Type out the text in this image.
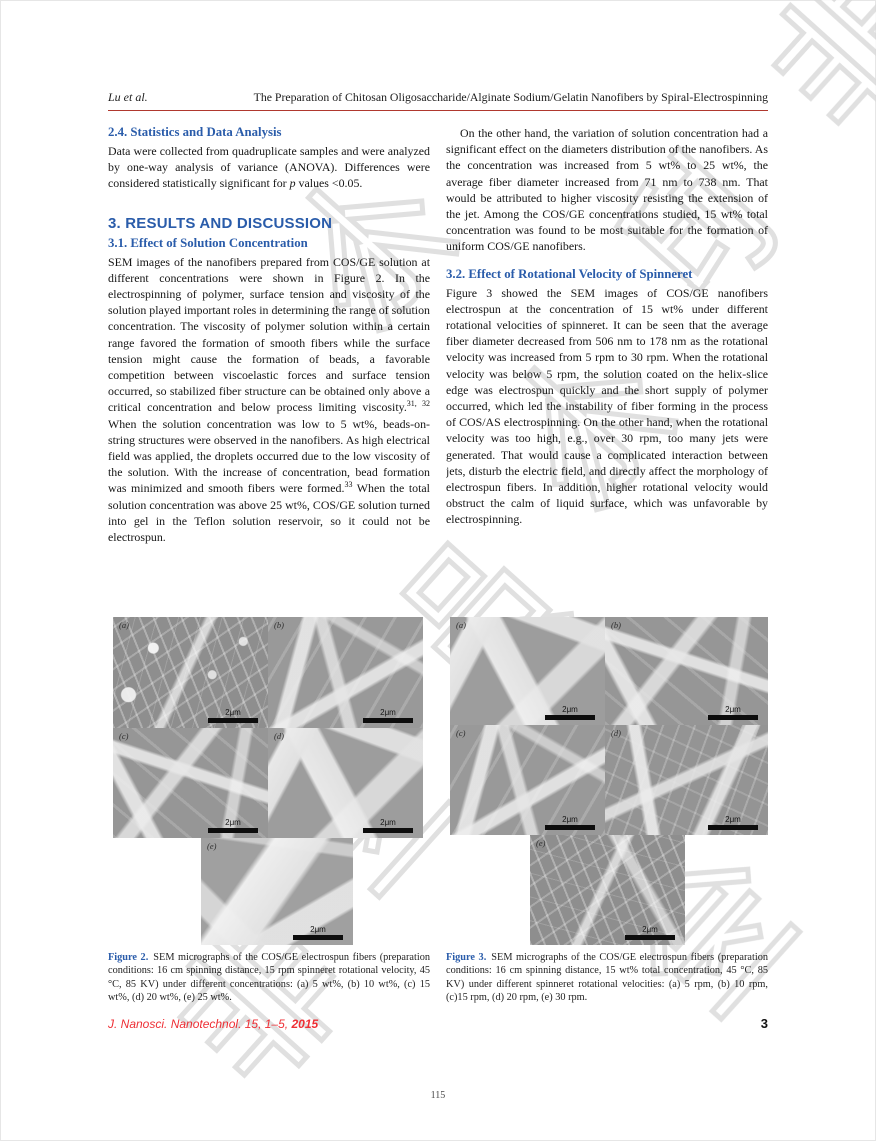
Lu et al.	The Preparation of Chitosan Oligosaccharide/Alginate Sodium/Gelatin Nanofibers by Spiral-Electrospinning
2.4. Statistics and Data Analysis

Data were collected from quadruplicate samples and were analyzed by one-way analysis of variance (ANOVA). Differences were considered statistically significant for p values <0.05.

3. RESULTS AND DISCUSSION
3.1. Effect of Solution Concentration

SEM images of the nanofibers prepared from COS/GE solution at different concentrations were shown in Figure 2. In the electrospinning of polymer, surface tension and viscosity of the solution played important roles in determining the range of solution concentration. The viscosity of polymer solution within a certain range favored the formation of smooth fibers while the surface tension might cause the formation of beads, a favorable competition between viscoelastic forces and surface tension occurred, so stabilized fiber structure can be obtained only above a critical concentration and below process limiting viscosity.$^{31, 32}$ When the solution concentration was low to 5 wt%, beads-on-string structures were observed in the nanofibers. As high electrical field was applied, the droplets occurred due to the low viscosity of the solution. With the increase of concentration, bead formation was minimized and smooth fibers were formed.$^{33}$ When the total solution concentration was above 25 wt%, COS/GE solution turned into gel in the Teflon solution reservoir, so it could not be electrospun.

On the other hand, the variation of solution concentration had a significant effect on the diameters distribution of the nanofibers. As the concentration was increased from 5 wt% to 25 wt%, the average fiber diameter increased from 71 nm to 738 nm. That would be attributed to higher viscosity resisting the extension of the jet. Among the COS/GE concentrations studied, 15 wt% total concentration was found to be most suitable for the formation of uniform COS/GE nanofibers.

3.2. Effect of Rotational Velocity of Spinneret

Figure 3 showed the SEM images of COS/GE nanofibers electrospun at the concentration of 15 wt% under different rotational velocities of spinneret. It can be seen that the average fiber diameter decreased from 506 nm to 178 nm as the rotational velocity was increased from 5 rpm to 30 rpm. When the rotational velocity was below 5 rpm, the solution coated on the helix-slice edge was electrospun quickly and the short supply of polymer occurred, which led the instability of fiber forming in the process of COS/AS electrospinning. On the other hand, when the rotational velocity was too high, e.g., over 30 rpm, too many jets were generated. That would cause a complicated interaction between jets, disturb the electric field, and directly affect the morphology of electrospun fibers. In addition, higher rotational velocity would obstruct the calm of liquid surface, which was unfavorable by electrospinning.

(a)
2μm
(b)
2μm
(c)
2μm
(d)
2μm
(e)
2μm
(a)
2μm
(b)
2μm
(c)
2μm
(d)
2μm
(e)
2μm

Figure 2. SEM micrographs of the COS/GE electrospun fibers (preparation conditions: 16 cm spinning distance, 15 rpm spinneret rotational velocity, 45 °C, 85 KV) under different concentrations: (a) 5 wt%, (b) 10 wt%, (c) 15 wt%, (d) 20 wt%, (e) 25 wt%.

Figure 3. SEM micrographs of the COS/GE electrospun fibers (preparation conditions: 16 cm spinning distance, 15 wt% total concentration, 45 °C, 85 KV) under different spinneret rotational velocities: (a) 5 rpm, (b) 10 rpm, (c)15 rpm, (d) 20 rpm, (e) 30 rpm.

J. Nanosci. Nanotechnol. 15, 1–5, 2015	3
115
